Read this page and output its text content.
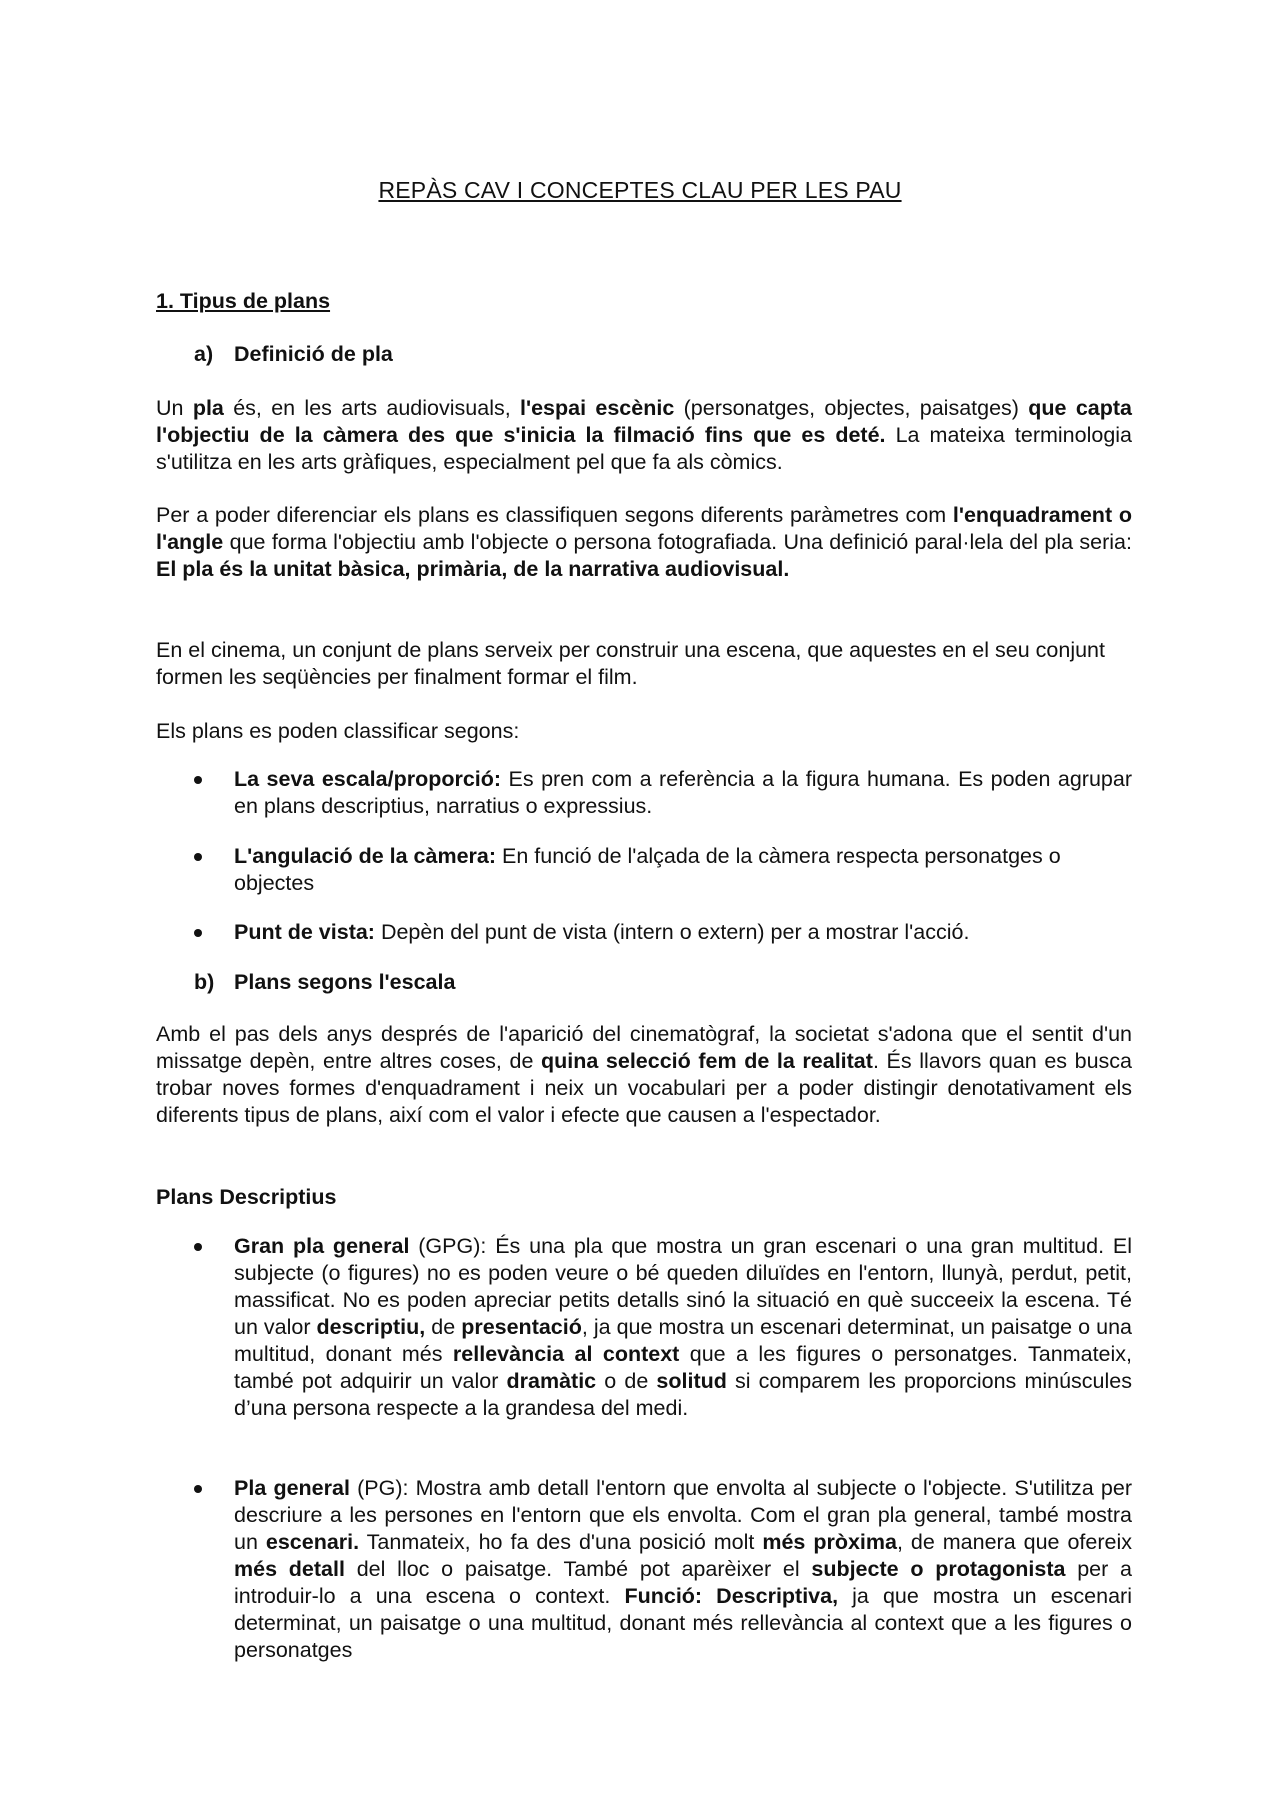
REPÀS CAV I CONCEPTES CLAU PER LES PAU
1. Tipus de plans
a) Definició de pla
Un pla és, en les arts audiovisuals, l'espai escènic (personatges, objectes, paisatges) que capta l'objectiu de la càmera des que s'inicia la filmació fins que es deté. La mateixa terminologia s'utilitza en les arts gràfiques, especialment pel que fa als còmics.
Per a poder diferenciar els plans es classifiquen segons diferents paràmetres com l'enquadrament o l'angle que forma l'objectiu amb l'objecte o persona fotografiada. Una definició paral·lela del pla seria: El pla és la unitat bàsica, primària, de la narrativa audiovisual.
En el cinema, un conjunt de plans serveix per construir una escena, que aquestes en el seu conjunt formen les seqüències per finalment formar el film.
Els plans es poden classificar segons:
La seva escala/proporció: Es pren com a referència a la figura humana. Es poden agrupar en plans descriptius, narratius o expressius.
L'angulació de la càmera: En funció de l'alçada de la càmera respecta personatges o objectes
Punt de vista: Depèn del punt de vista (intern o extern) per a mostrar l'acció.
b) Plans segons l'escala
Amb el pas dels anys després de l'aparició del cinematògraf, la societat s'adona que el sentit d'un missatge depèn, entre altres coses, de quina selecció fem de la realitat. És llavors quan es busca trobar noves formes d'enquadrament i neix un vocabulari per a poder distingir denotativament els diferents tipus de plans, així com el valor i efecte que causen a l'espectador.
Plans Descriptius
Gran pla general (GPG): És una pla que mostra un gran escenari o una gran multitud. El subjecte (o figures) no es poden veure o bé queden diluïdes en l'entorn, llunyà, perdut, petit, massificat. No es poden apreciar petits detalls sinó la situació en què succeeix la escena. Té un valor descriptiu, de presentació, ja que mostra un escenari determinat, un paisatge o una multitud, donant més rellevància al context que a les figures o personatges. Tanmateix, també pot adquirir un valor dramàtic o de solitud si comparem les proporcions minúscules d’una persona respecte a la grandesa del medi.
Pla general (PG): Mostra amb detall l'entorn que envolta al subjecte o l'objecte. S'utilitza per descriure a les persones en l'entorn que els envolta. Com el gran pla general, també mostra un escenari. Tanmateix, ho fa des d'una posició molt més pròxima, de manera que ofereix més detall del lloc o paisatge. També pot aparèixer el subjecte o protagonista per a introduir-lo a una escena o context. Funció: Descriptiva, ja que mostra un escenari determinat, un paisatge o una multitud, donant més rellevància al context que a les figures o personatges
